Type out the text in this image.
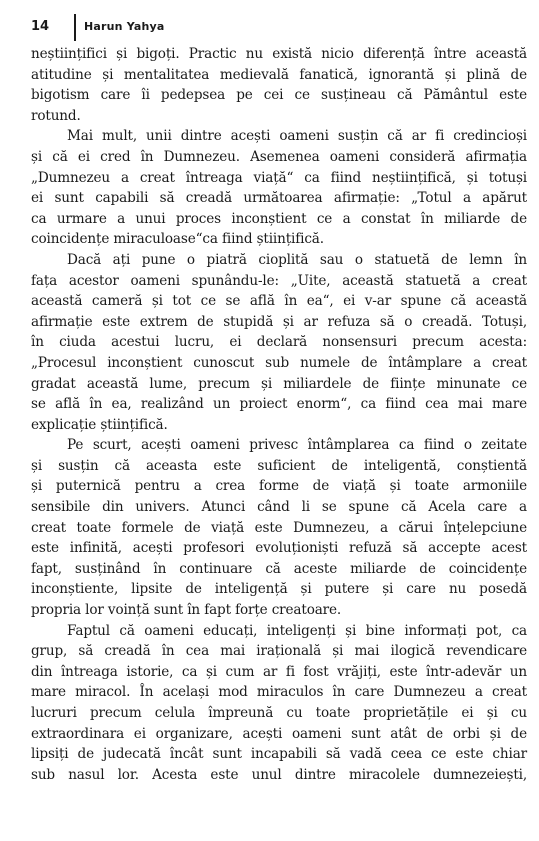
14	Harun Yahya
neștiințifici și bigoți. Practic nu există nicio diferență între această
atitudine și mentalitatea medievală fanatică, ignorantă și plină de
bigotism care îi pedepsea pe cei ce susțineau că Pământul este
rotund.
Mai mult, unii dintre acești oameni susțin că ar fi credincioși
și că ei cred în Dumnezeu. Asemenea oameni consideră afirmația
„Dumnezeu a creat întreaga viață“ ca fiind neștiințifică, și totuși
ei sunt capabili să creadă următoarea afirmație: „Totul a apărut
ca urmare a unui proces inconștient ce a constat în miliarde de
coincidențe miraculoase“ca fiind științifică.
Dacă ați pune o piatră cioplită sau o statuetă de lemn în
fața acestor oameni spunându-le: „Uite, această statuetă a creat
această cameră și tot ce se află în ea“, ei v-ar spune că această
afirmație este extrem de stupidă și ar refuza să o creadă. Totuși,
în ciuda acestui lucru, ei declară nonsensuri precum acesta:
„Procesul inconștient cunoscut sub numele de întâmplare a creat
gradat această lume, precum și miliardele de ființe minunate ce
se află în ea, realizând un proiect enorm“, ca fiind cea mai mare
explicație științifică.
Pe scurt, acești oameni privesc întâmplarea ca fiind o zeitate
și susțin că aceasta este suficient de inteligentă, conștientă
și puternică pentru a crea forme de viață și toate armoniile
sensibile din univers. Atunci când li se spune că Acela care a
creat toate formele de viață este Dumnezeu, a cărui înțelepciune
este infinită, acești profesori evoluționiști refuză să accepte acest
fapt, susținând în continuare că aceste miliarde de coincidențe
inconștiente, lipsite de inteligență și putere și care nu posedă
propria lor voință sunt în fapt forțe creatoare.
Faptul că oameni educați, inteligenți și bine informați pot, ca
grup, să creadă în cea mai irațională și mai ilogică revendicare
din întreaga istorie, ca și cum ar fi fost vrăjiți, este într-adevăr un
mare miracol. În același mod miraculos în care Dumnezeu a creat
lucruri precum celula împreună cu toate proprietățile ei și cu
extraordinara ei organizare, acești oameni sunt atât de orbi și de
lipsiți de judecată încât sunt incapabili să vadă ceea ce este chiar
sub nasul lor. Acesta este unul dintre miracolele dumnezeiești,
